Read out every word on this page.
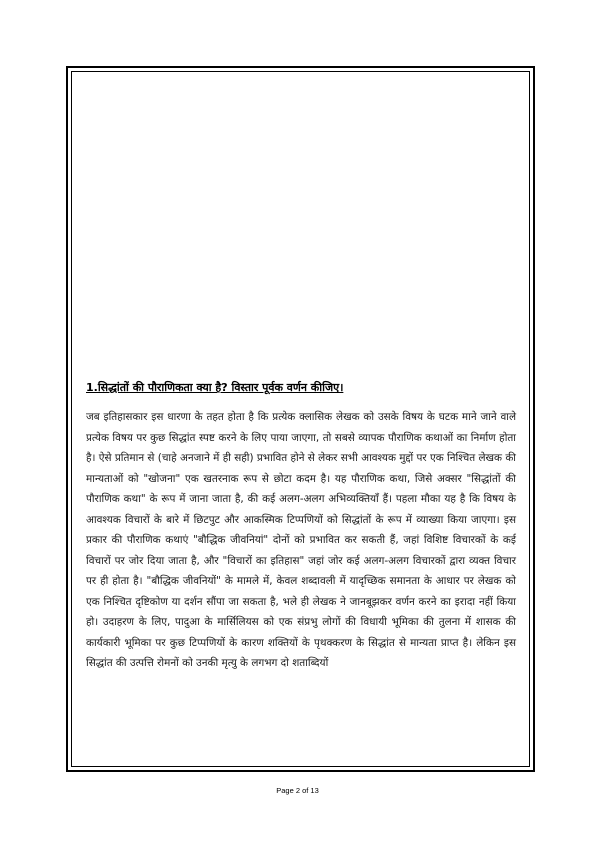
1.सिद्धांतों की पौराणिकता क्या है? विस्तार पूर्वक वर्णन कीजिए।

जब इतिहासकार इस धारणा के तहत होता है कि प्रत्येक क्लासिक लेखक को उसके विषय के घटक माने जाने वाले प्रत्येक विषय पर कुछ सिद्धांत स्पष्ट करने के लिए पाया जाएगा, तो सबसे व्यापक पौराणिक कथाओं का निर्माण होता है। ऐसे प्रतिमान से (चाहे अनजाने में ही सही) प्रभावित होने से लेकर सभी आवश्यक मुद्दों पर एक निश्चित लेखक की मान्यताओं को "खोजना" एक खतरनाक रूप से छोटा कदम है। यह पौराणिक कथा, जिसे अक्सर "सिद्धांतों की पौराणिक कथा" के रूप में जाना जाता है, की कई अलग-अलग अभिव्यक्तियाँ हैं। पहला मौका यह है कि विषय के आवश्यक विचारों के बारे में छिटपुट और आकस्मिक टिप्पणियों को सिद्धांतों के रूप में व्याख्या किया जाएगा। इस प्रकार की पौराणिक कथाएं "बौद्धिक जीवनियां" दोनों को प्रभावित कर सकती हैं, जहां विशिष्ट विचारकों के कई विचारों पर जोर दिया जाता है, और "विचारों का इतिहास" जहां जोर कई अलग-अलग विचारकों द्वारा व्यक्त विचार पर ही होता है। "बौद्धिक जीवनियों" के मामले में, केवल शब्दावली में यादृच्छिक समानता के आधार पर लेखक को एक निश्चित दृष्टिकोण या दर्शन सौंपा जा सकता है, भले ही लेखक ने जानबूझकर वर्णन करने का इरादा नहीं किया हो। उदाहरण के लिए, पादुआ के मार्सिलियस को एक संप्रभु लोगों की विधायी भूमिका की तुलना में शासक की कार्यकारी भूमिका पर कुछ टिप्पणियों के कारण शक्तियों के पृथक्करण के सिद्धांत से मान्यता प्राप्त है। लेकिन इस सिद्धांत की उत्पत्ति रोमनों को उनकी मृत्यु के लगभग दो शताब्दियों

Page 2 of 13
